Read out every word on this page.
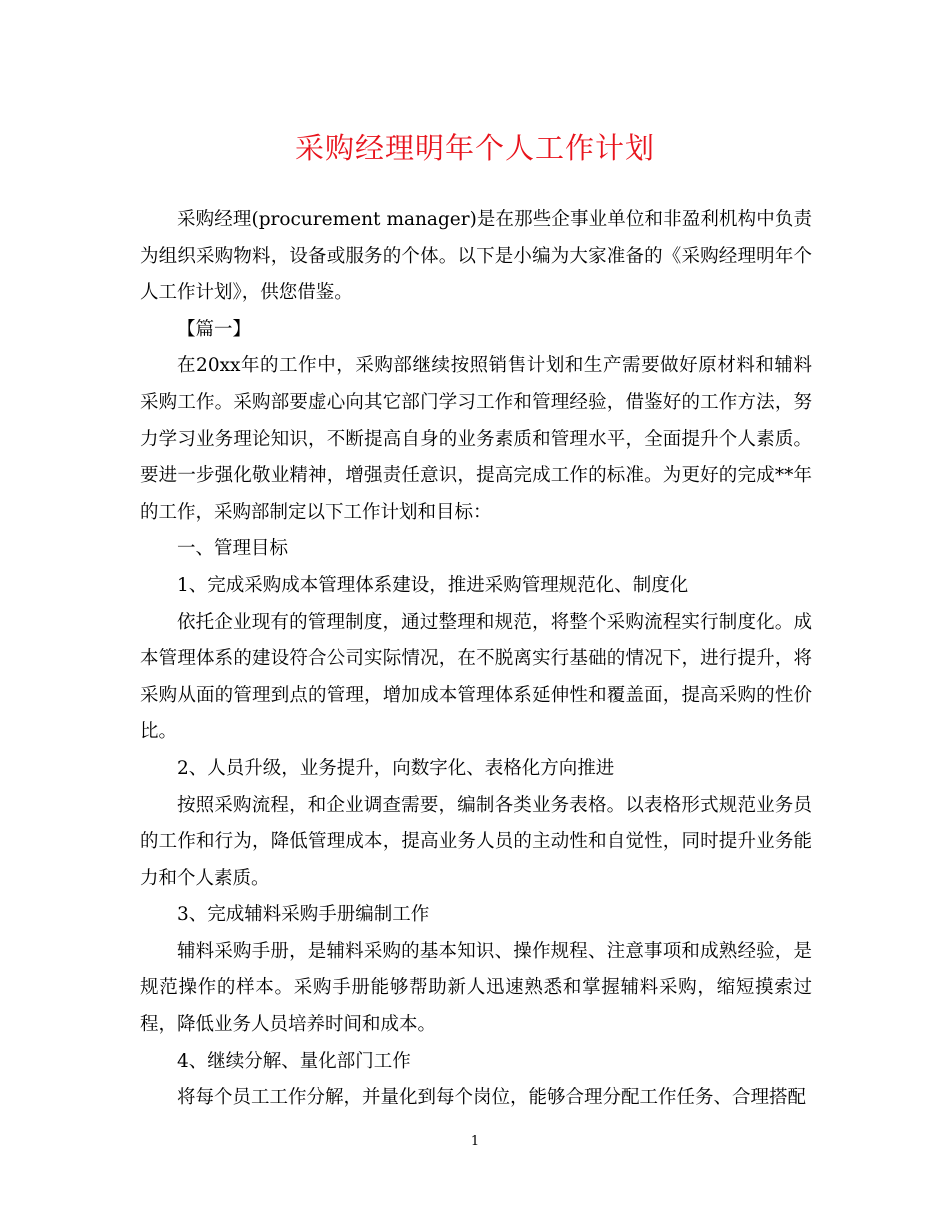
采购经理明年个人工作计划

采购经理(procurement manager)是在那些企事业单位和非盈利机构中负责为组织采购物料，设备或服务的个体。以下是小编为大家准备的《采购经理明年个人工作计划》，供您借鉴。

【篇一】

在20xx年的工作中，采购部继续按照销售计划和生产需要做好原材料和辅料采购工作。采购部要虚心向其它部门学习工作和管理经验，借鉴好的工作方法，努力学习业务理论知识，不断提高自身的业务素质和管理水平，全面提升个人素质。要进一步强化敬业精神，增强责任意识，提高完成工作的标准。为更好的完成**年的工作，采购部制定以下工作计划和目标：

一、管理目标

1、完成采购成本管理体系建设，推进采购管理规范化、制度化

依托企业现有的管理制度，通过整理和规范，将整个采购流程实行制度化。成本管理体系的建设符合公司实际情况，在不脱离实行基础的情况下，进行提升，将采购从面的管理到点的管理，增加成本管理体系延伸性和覆盖面，提高采购的性价比。

2、人员升级，业务提升，向数字化、表格化方向推进

按照采购流程，和企业调查需要，编制各类业务表格。以表格形式规范业务员的工作和行为，降低管理成本，提高业务人员的主动性和自觉性，同时提升业务能力和个人素质。

3、完成辅料采购手册编制工作

辅料采购手册，是辅料采购的基本知识、操作规程、注意事项和成熟经验，是规范操作的样本。采购手册能够帮助新人迅速熟悉和掌握辅料采购，缩短摸索过程，降低业务人员培养时间和成本。

4、继续分解、量化部门工作

将每个员工工作分解，并量化到每个岗位，能够合理分配工作任务、合理搭配

1
